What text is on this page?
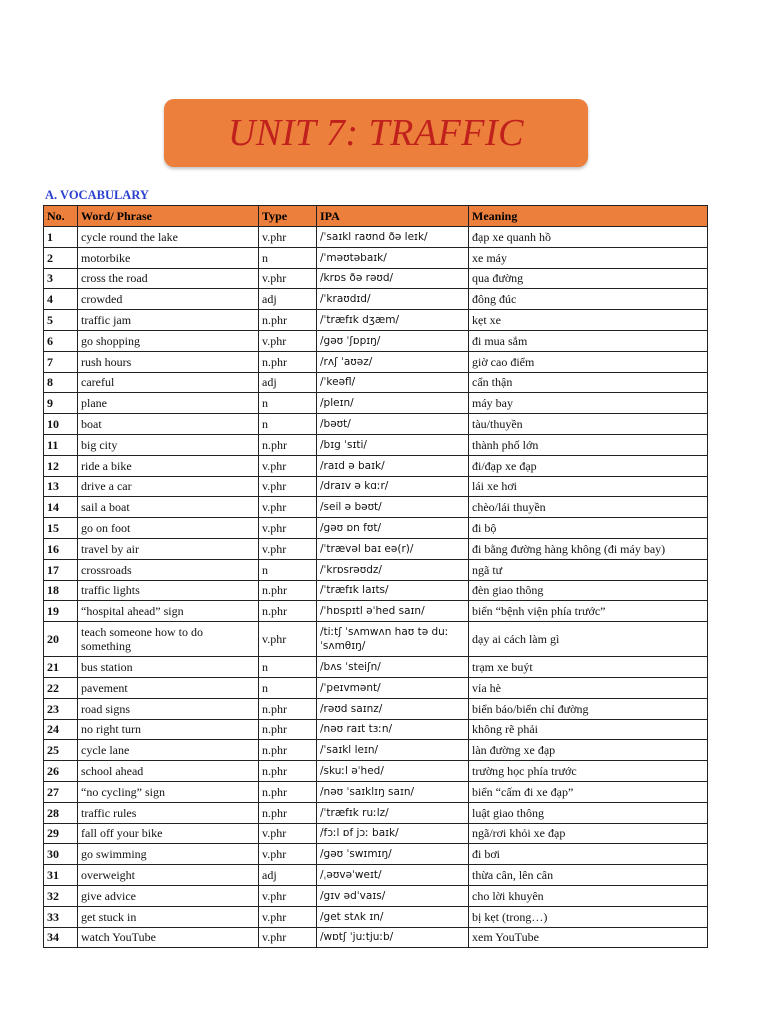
UNIT 7: TRAFFIC
A. VOCABULARY
No.	Word/ Phrase	Type	IPA	Meaning
1	cycle round the lake	v.phr	/ˈsaɪkl raʊnd ðə leɪk/	đạp xe quanh hồ
2	motorbike	n	/ˈməʊtəbaɪk/	xe máy
3	cross the road	v.phr	/krɒs ðə rəʊd/	qua đường
4	crowded	adj	/ˈkraʊdɪd/	đông đúc
5	traffic jam	n.phr	/ˈtræfɪk dʒæm/	kẹt xe
6	go shopping	v.phr	/gəʊ ˈʃɒpɪŋ/	đi mua sắm
7	rush hours	n.phr	/rʌʃ ˈaʊəz/	giờ cao điểm
8	careful	adj	/ˈkeəfl/	cẩn thận
9	plane	n	/pleɪn/	máy bay
10	boat	n	/bəʊt/	tàu/thuyền
11	big city	n.phr	/bɪg ˈsɪti/	thành phố lớn
12	ride a bike	v.phr	/raɪd ə baɪk/	đi/đạp xe đạp
13	drive a car	v.phr	/draɪv ə kɑːr/	lái xe hơi
14	sail a boat	v.phr	/seil ə bəʊt/	chèo/lái thuyền
15	go on foot	v.phr	/gəʊ ɒn fʊt/	đi bộ
16	travel by air	v.phr	/ˈtrævəl baɪ eə(r)/	đi bằng đường hàng không (đi máy bay)
17	crossroads	n	/ˈkrɒsrəʊdz/	ngã tư
18	traffic lights	n.phr	/ˈtræfɪk laɪts/	đèn giao thông
19	“hospital ahead” sign	n.phr	/ˈhɒspɪtl əˈhed saɪn/	biển “bệnh viện phía trước”
20	teach someone how to do something	v.phr	/tiːtʃ ˈsʌmwʌn haʊ tə duː ˈsʌmθɪŋ/	dạy ai cách làm gì
21	bus station	n	/bʌs ˈsteiʃn/	trạm xe buýt
22	pavement	n	/ˈpeɪvmənt/	vỉa hè
23	road signs	n.phr	/rəʊd saɪnz/	biển báo/biển chỉ đường
24	no right turn	n.phr	/nəʊ raɪt tɜːn/	không rẽ phải
25	cycle lane	n.phr	/ˈsaɪkl leɪn/	làn đường xe đạp
26	school ahead	n.phr	/skuːl əˈhed/	trường học phía trước
27	“no cycling” sign	n.phr	/nəʊ ˈsaɪklɪŋ saɪn/	biển “cấm đi xe đạp”
28	traffic rules	n.phr	/ˈtræfɪk ruːlz/	luật giao thông
29	fall off your bike	v.phr	/fɔːl ɒf jɔː baɪk/	ngã/rơi khỏi xe đạp
30	go swimming	v.phr	/gəʊ ˈswɪmɪŋ/	đi bơi
31	overweight	adj	/ˌəʊvəˈweɪt/	thừa cân, lên cân
32	give advice	v.phr	/gɪv ədˈvaɪs/	cho lời khuyên
33	get stuck in	v.phr	/get stʌk ɪn/	bị kẹt (trong…)
34	watch YouTube	v.phr	/wɒtʃ ˈjuːtjuːb/	xem YouTube
